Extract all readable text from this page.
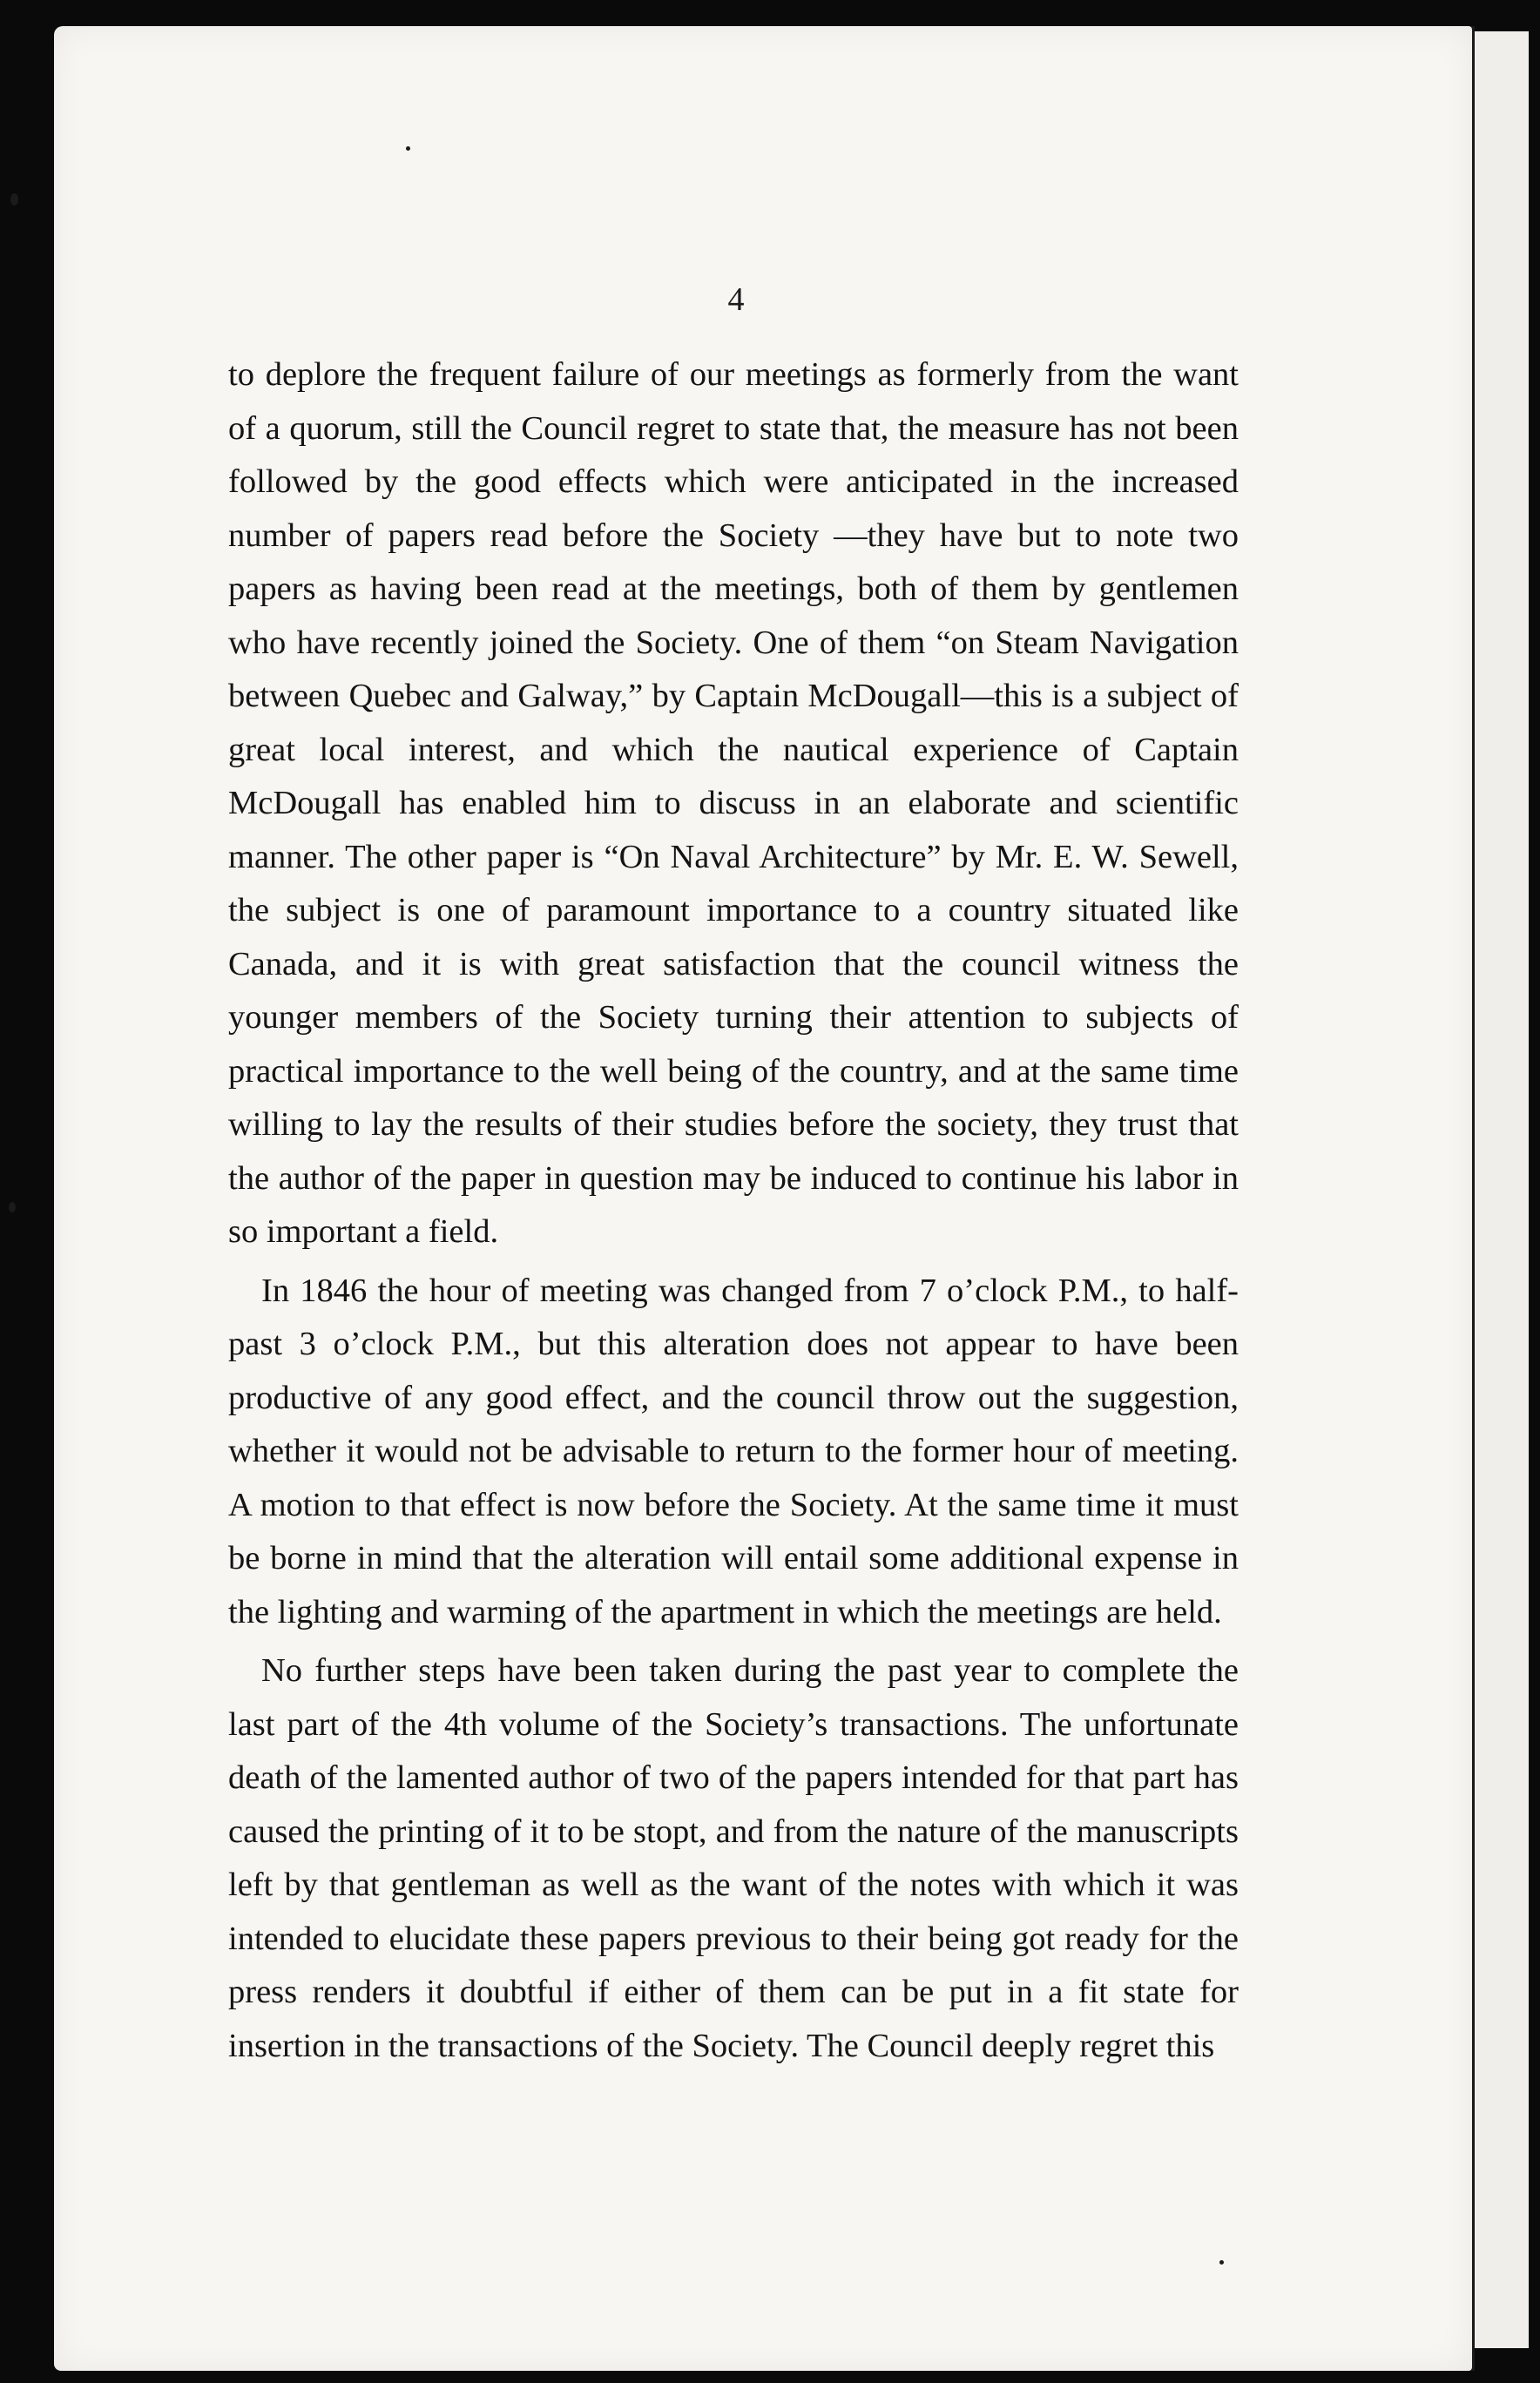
4

to deplore the frequent failure of our meetings as formerly from the want of a quorum, still the Council regret to state that, the measure has not been followed by the good effects which were anticipated in the increased number of papers read before the Society —they have but to note two papers as having been read at the meetings, both of them by gentlemen who have recently joined the Society. One of them “on Steam Navigation between Quebec and Galway,” by Captain McDougall—this is a subject of great local interest, and which the nautical experience of Captain McDougall has enabled him to discuss in an elaborate and scientific manner. The other paper is “On Naval Architecture” by Mr. E. W. Sewell, the subject is one of paramount importance to a country situated like Canada, and it is with great satisfaction that the council witness the younger members of the Society turning their attention to subjects of practical importance to the well being of the country, and at the same time willing to lay the results of their studies before the society, they trust that the author of the paper in question may be induced to continue his labor in so important a field.

In 1846 the hour of meeting was changed from 7 o’clock P.M., to half-past 3 o’clock P.M., but this alteration does not appear to have been productive of any good effect, and the council throw out the suggestion, whether it would not be advisable to return to the former hour of meeting. A motion to that effect is now before the Society. At the same time it must be borne in mind that the alteration will entail some additional expense in the lighting and warming of the apartment in which the meetings are held.

No further steps have been taken during the past year to complete the last part of the 4th volume of the Society’s transactions. The unfortunate death of the lamented author of two of the papers intended for that part has caused the printing of it to be stopt, and from the nature of the manuscripts left by that gentleman as well as the want of the notes with which it was intended to elucidate these papers previous to their being got ready for the press renders it doubtful if either of them can be put in a fit state for insertion in the transactions of the Society. The Council deeply regret this
